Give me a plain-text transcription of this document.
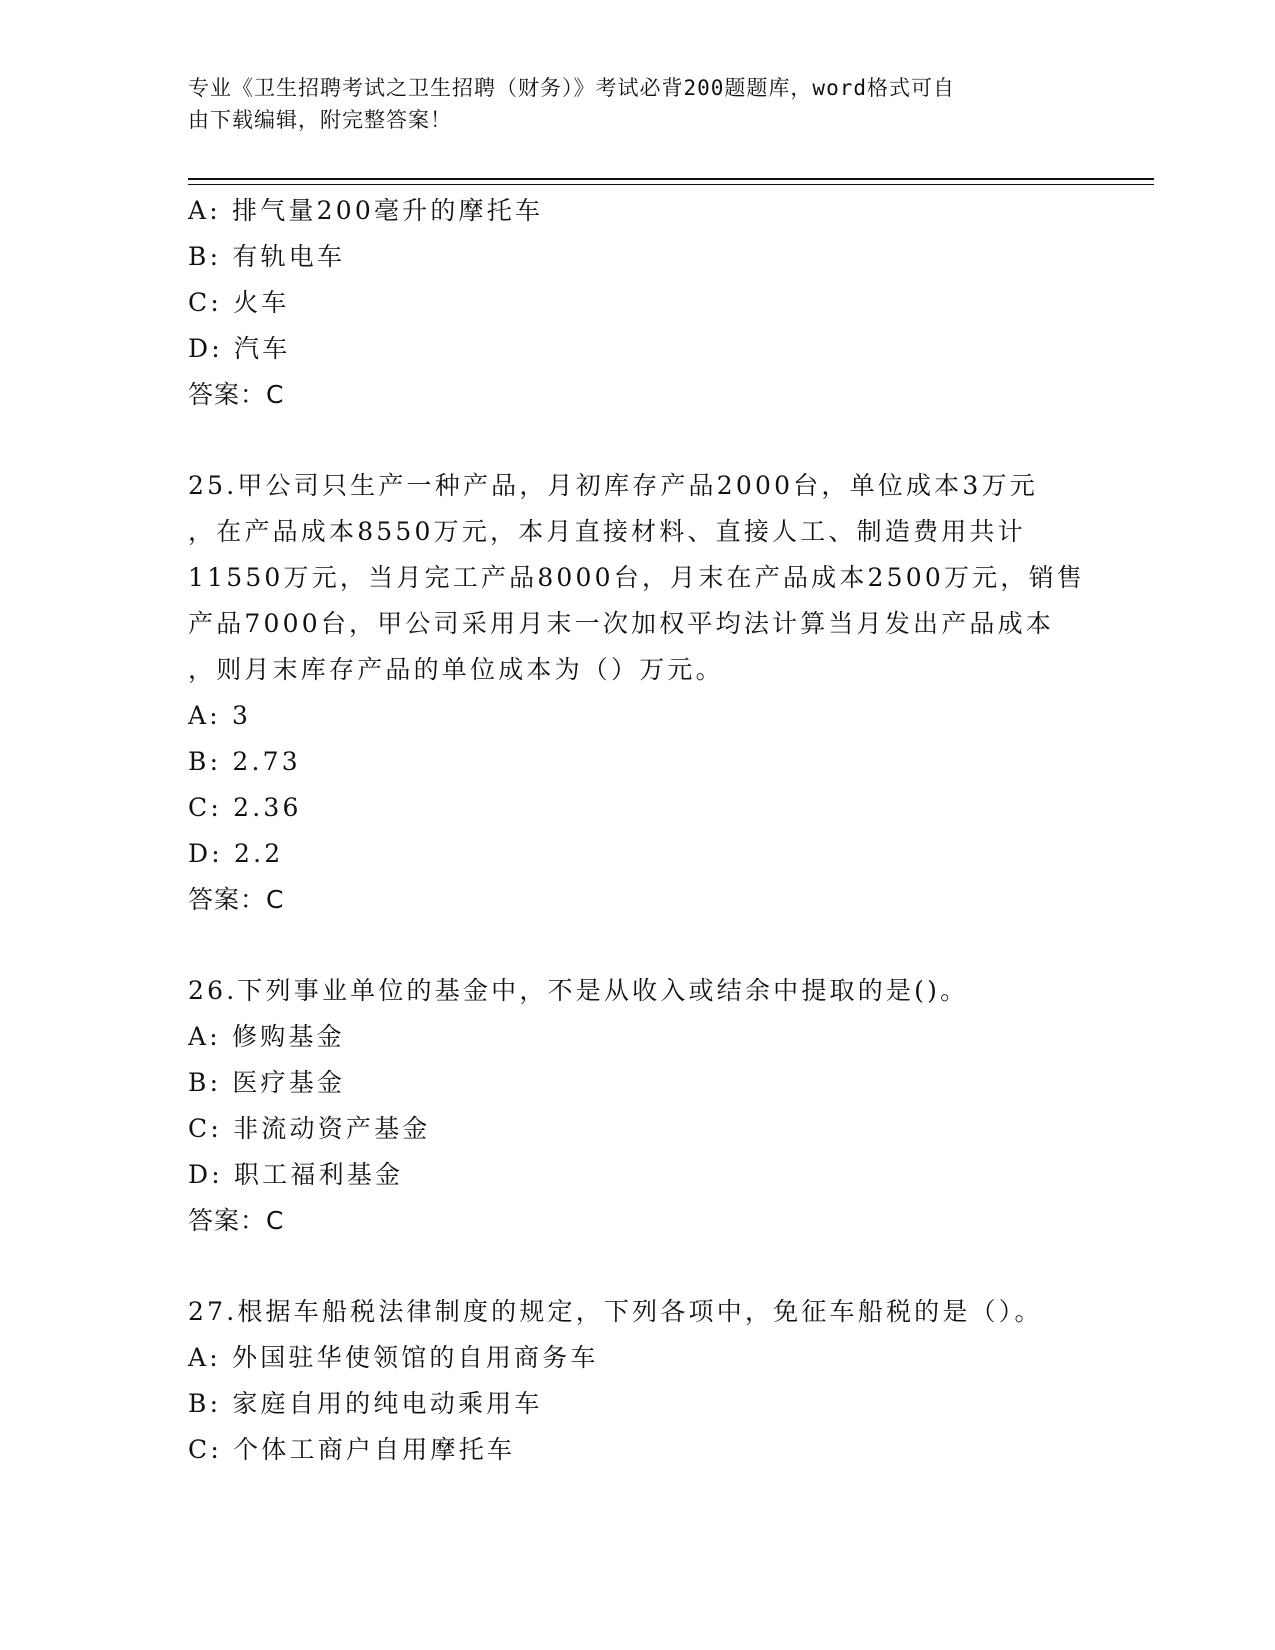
专业《卫生招聘考试之卫生招聘（财务）》考试必背200题题库，word格式可自

由下载编辑，附完整答案！

A: 排气量200毫升的摩托车
B: 有轨电车
C: 火车
D: 汽车
答案：C
25.甲公司只生产一种产品，月初库存产品2000台，单位成本3万元
，在产品成本8550万元，本月直接材料、直接人工、制造费用共计
11550万元，当月完工产品8000台，月末在产品成本2500万元，销售
产品7000台，甲公司采用月末一次加权平均法计算当月发出产品成本
，则月末库存产品的单位成本为（）万元。
A: 3
B: 2.73
C: 2.36
D: 2.2
答案：C
26.下列事业单位的基金中，不是从收入或结余中提取的是()。
A: 修购基金
B: 医疗基金
C: 非流动资产基金
D: 职工福利基金
答案：C
27.根据车船税法律制度的规定，下列各项中，免征车船税的是（）。
A: 外国驻华使领馆的自用商务车
B: 家庭自用的纯电动乘用车
C: 个体工商户自用摩托车
